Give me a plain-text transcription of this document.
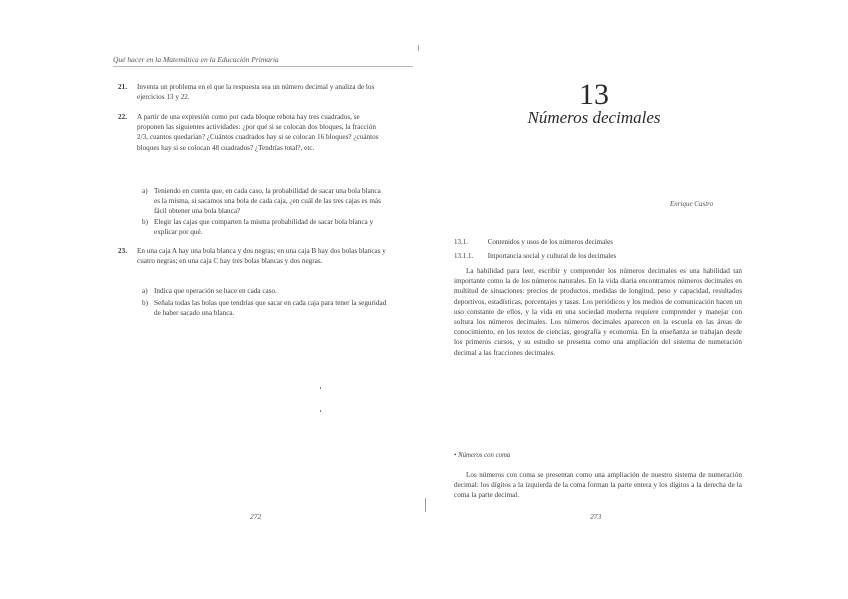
Qué hacer en la Matemática en la Educación Primaria
21.	Inventa un problema en el que la respuesta sea un número decimal y analiza de los ejercicios 13 y 22.
22.	A partir de una expresión como por cada bloque rebota hay tres cuadrados, se proponen las siguientes actividades: ¿por qué si se colocan dos bloques, la fracción 2/3, cuantos quedarían? ¿Cuántos cuadrados hay si se colocan 16 bloques? ¿cuántos bloques hay si se colocan 48 cuadrados? ¿Tendrías total?, etc.
a) Teniendo en cuenta que, en cada caso, la probabilidad de sacar una bola blanca es la misma, si sacamos una bola de cada caja, ¿en cuál de las tres cajas es más fácil obtener una bola blanca?
b) Elegir las cajas que comparten la misma probabilidad de sacar bola blanca y explicar por qué.
23.	En una caja A hay una bola blanca y dos negras; en una caja B hay dos bolas blancas y cuatro negras; en una caja C hay tres bolas blancas y dos negras.
a) Indica que operación se hace en cada caso.
b) Señala todas las bolas que tendrías que sacar en cada caja para tener la seguridad de haber sacado una blanca.
272
13
Números decimales
Enrique Castro
13.1.	Contenidos y usos de los números decimales
13.1.1. Importancia social y cultural de los decimales
La habilidad para leer, escribir y comprender los números decimales es una habilidad tan importante como la de los números naturales. En la vida diaria encontramos números decimales en multitud de situaciones: precios de productos, medidas de longitud, peso y capacidad, resultados deportivos, estadísticas, porcentajes y tasas. Los periódicos y los medios de comunicación hacen un uso constante de ellos, y la vida en una sociedad moderna requiere comprender y manejar con soltura los números decimales. Los números decimales aparecen en la escuela en las áreas de conocimiento, en los textos de ciencias, geografía y economía. En la enseñanza se trabajan desde los primeros cursos, y su estudio se presenta como una ampliación del sistema de numeración decimal a las fracciones decimales.
• Números con coma
Los números con coma se presentan como una ampliación de nuestro sistema de numeración decimal: los dígitos a la izquierda de la coma forman la parte entera y los dígitos a la derecha de la coma la parte decimal.
273
